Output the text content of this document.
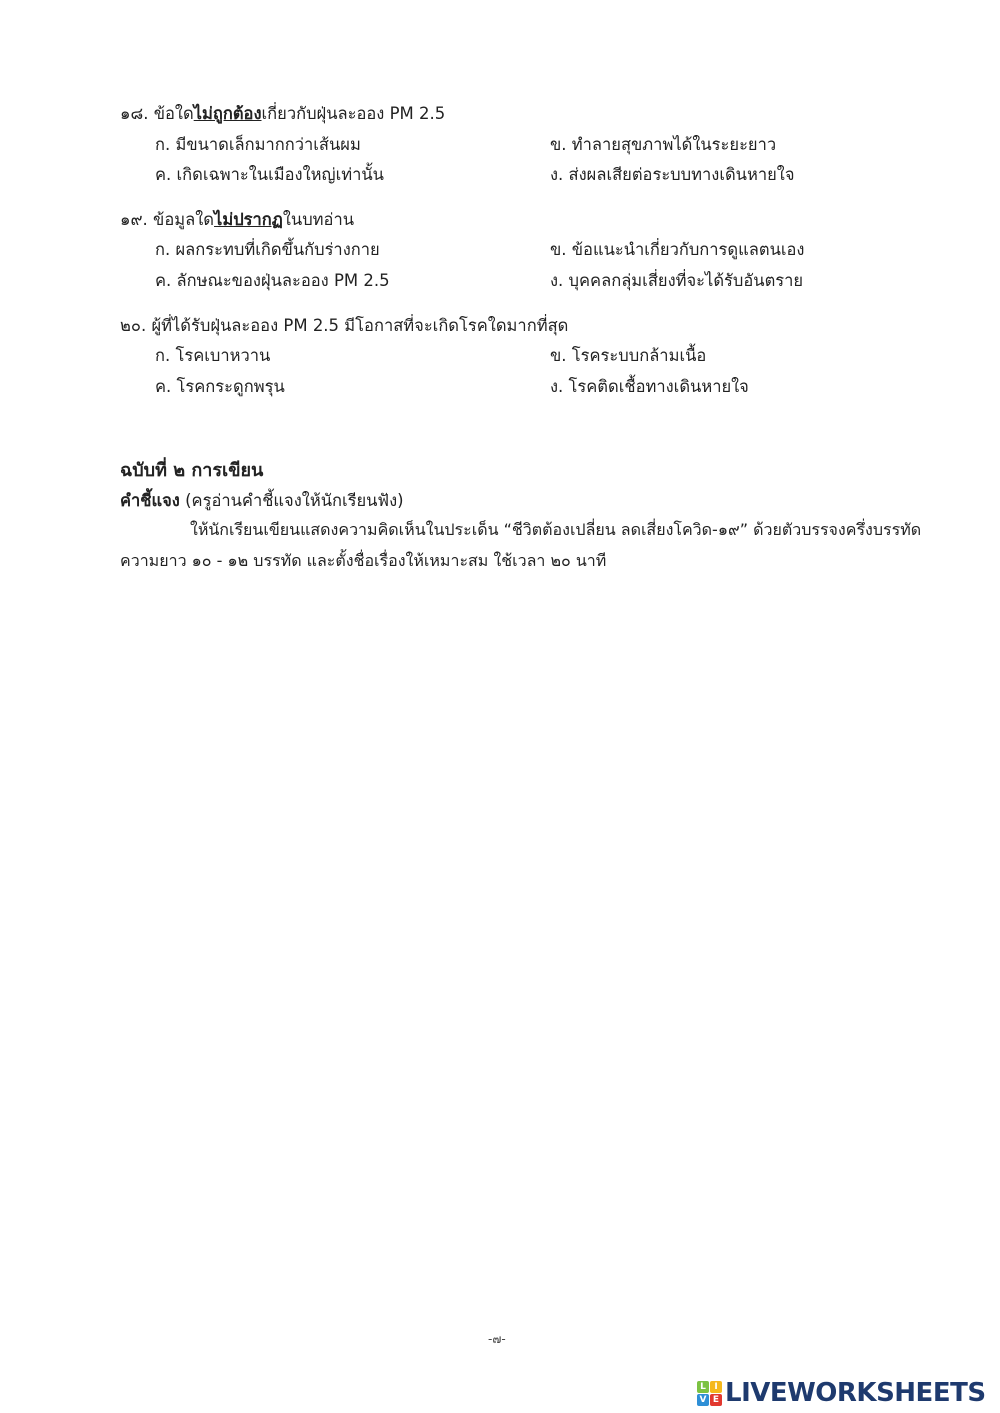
๑๘. ข้อใดไม่ถูกต้องเกี่ยวกับฝุ่นละออง PM 2.5
ก. มีขนาดเล็กมากกว่าเส้นผม	ข. ทำลายสุขภาพได้ในระยะยาว
ค. เกิดเฉพาะในเมืองใหญ่เท่านั้น	ง. ส่งผลเสียต่อระบบทางเดินหายใจ
๑๙. ข้อมูลใดไม่ปรากฏในบทอ่าน
ก. ผลกระทบที่เกิดขึ้นกับร่างกาย	ข. ข้อแนะนำเกี่ยวกับการดูแลตนเอง
ค. ลักษณะของฝุ่นละออง PM 2.5	ง. บุคคลกลุ่มเสี่ยงที่จะได้รับอันตราย
๒๐. ผู้ที่ได้รับฝุ่นละออง PM 2.5 มีโอกาสที่จะเกิดโรคใดมากที่สุด
ก. โรคเบาหวาน	ข. โรคระบบกล้ามเนื้อ
ค. โรคกระดูกพรุน	ง. โรคติดเชื้อทางเดินหายใจ
ฉบับที่ ๒ การเขียน
คำชี้แจง (ครูอ่านคำชี้แจงให้นักเรียนฟัง)
ให้นักเรียนเขียนแสดงความคิดเห็นในประเด็น “ชีวิตต้องเปลี่ยน ลดเสี่ยงโควิด-๑๙” ด้วยตัวบรรจงครึ่งบรรทัด
ความยาว ๑๐ - ๑๒ บรรทัด และตั้งชื่อเรื่องให้เหมาะสม ใช้เวลา ๒๐ นาที
-๗-
L I
V E LIVEWORKSHEETS
